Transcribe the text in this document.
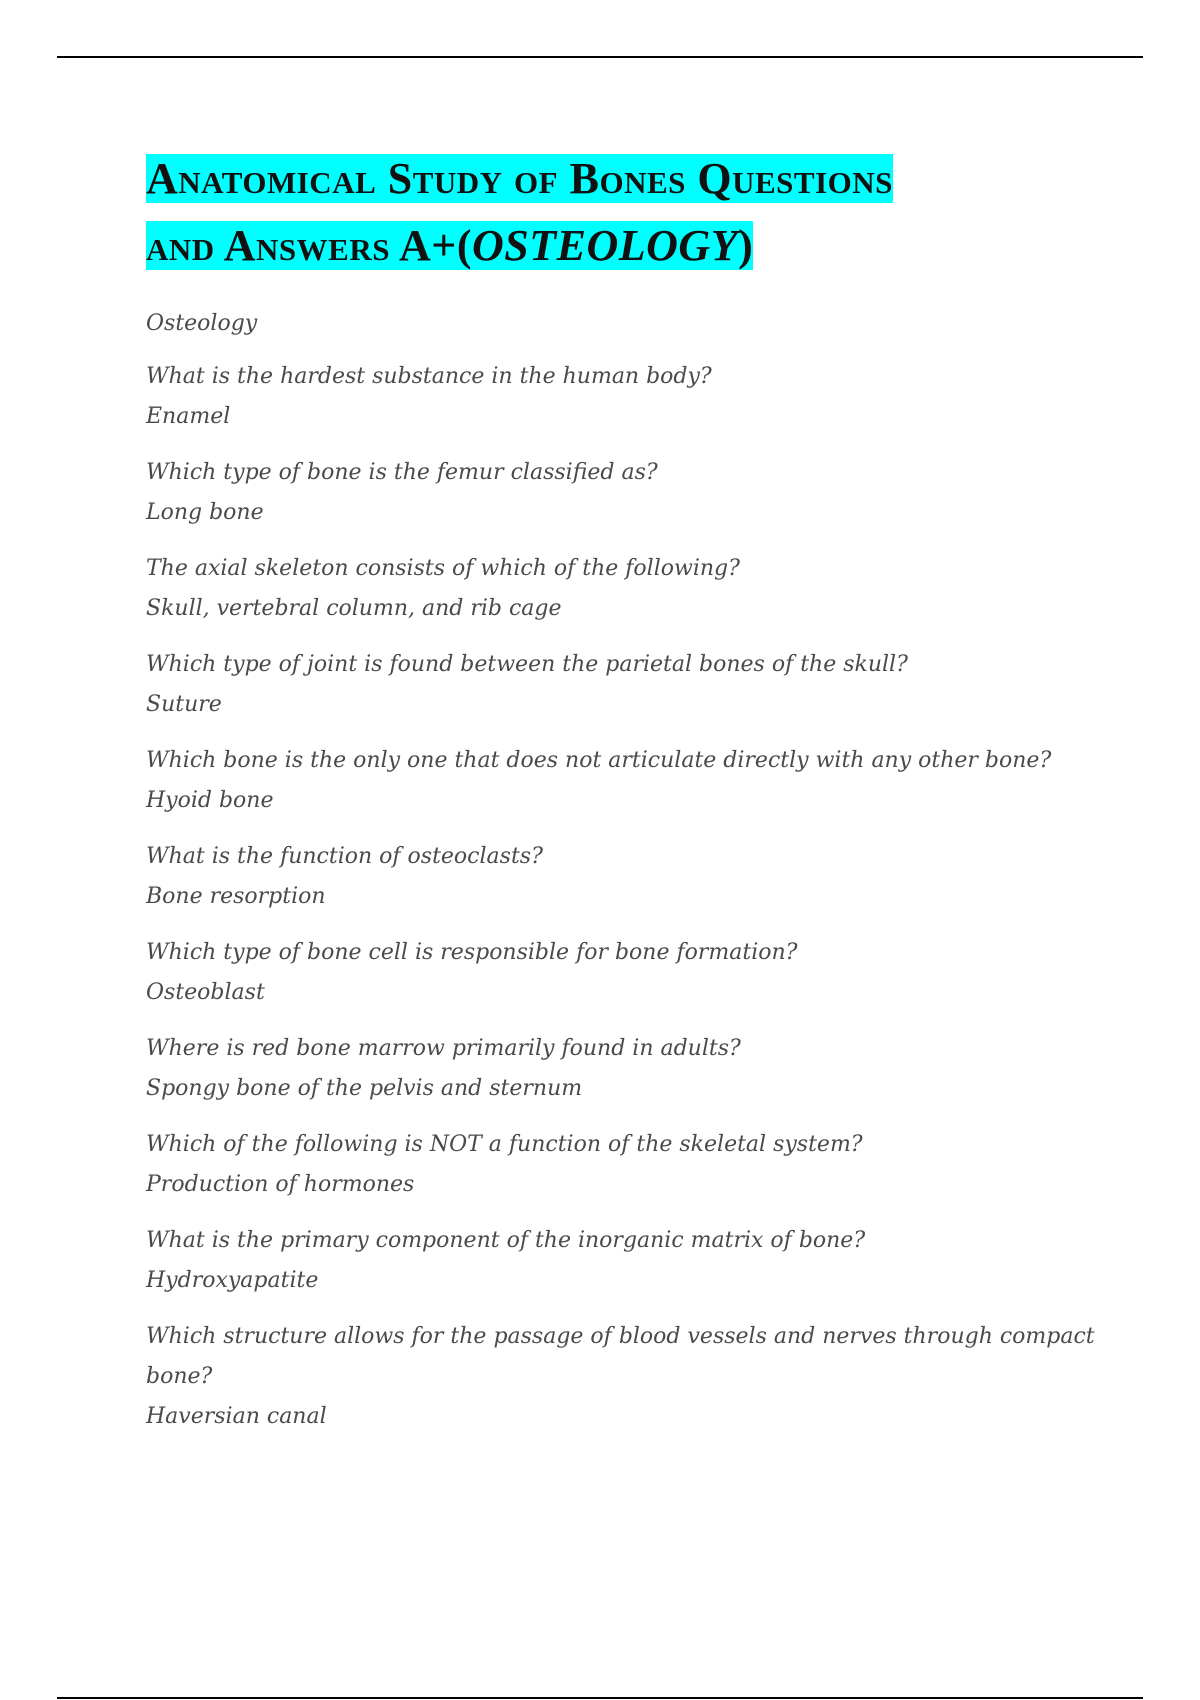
Anatomical Study of Bones Questions
and Answers A+(OSTEOLOGY)

Osteology

What is the hardest substance in the human body?

Enamel

Which type of bone is the femur classified as?

Long bone

The axial skeleton consists of which of the following?

Skull, vertebral column, and rib cage

Which type of joint is found between the parietal bones of the skull?

Suture

Which bone is the only one that does not articulate directly with any other bone?

Hyoid bone

What is the function of osteoclasts?

Bone resorption

Which type of bone cell is responsible for bone formation?

Osteoblast

Where is red bone marrow primarily found in adults?

Spongy bone of the pelvis and sternum

Which of the following is NOT a function of the skeletal system?

Production of hormones

What is the primary component of the inorganic matrix of bone?

Hydroxyapatite

Which structure allows for the passage of blood vessels and nerves through compact bone?

Haversian canal
